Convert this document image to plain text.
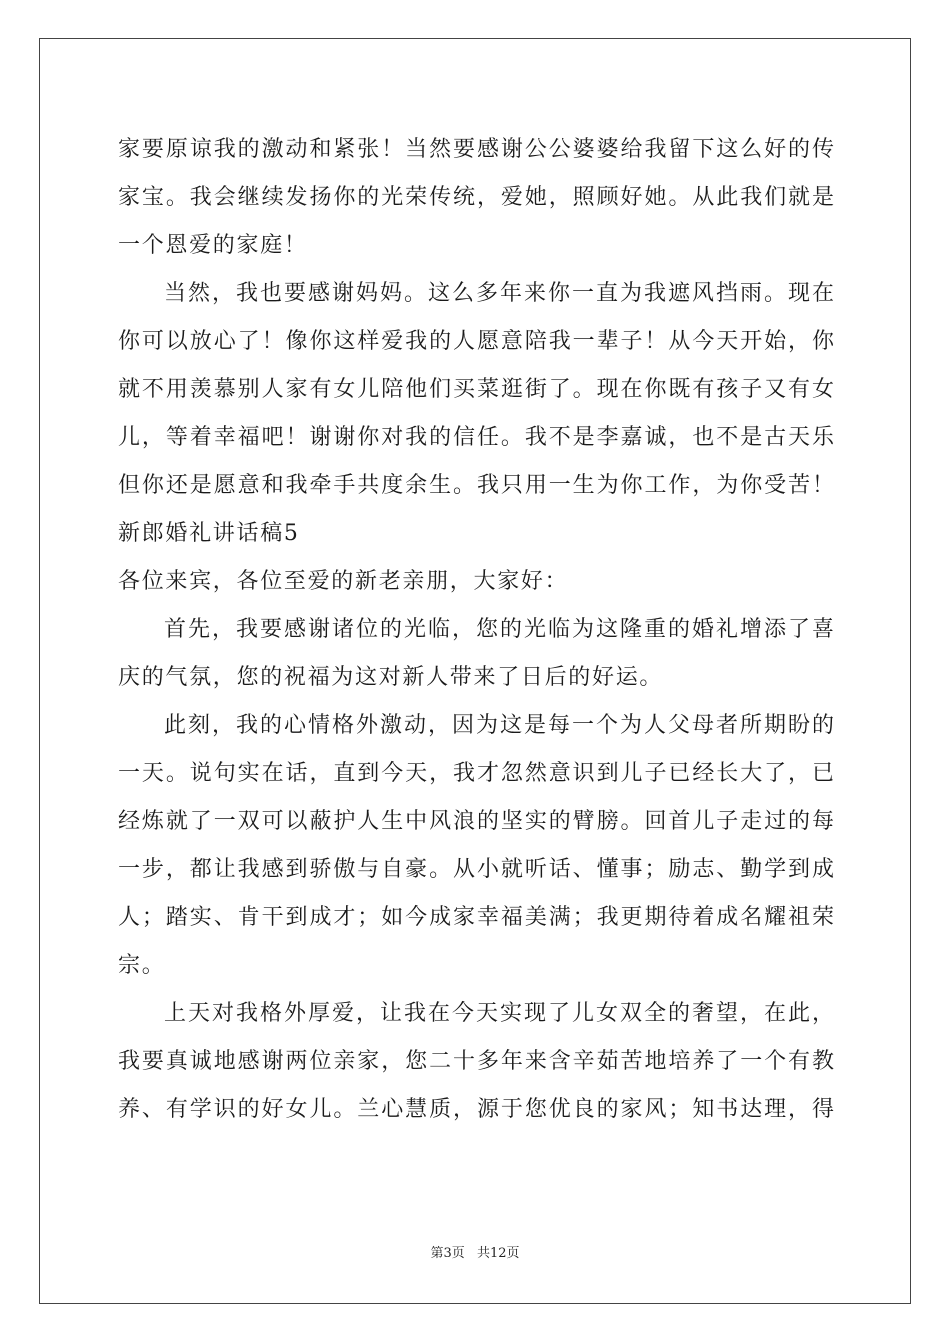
家要原谅我的激动和紧张！当然要感谢公公婆婆给我留下这么好的传
家宝。我会继续发扬你的光荣传统，爱她，照顾好她。从此我们就是
一个恩爱的家庭！
当然，我也要感谢妈妈。这么多年来你一直为我遮风挡雨。现在
你可以放心了！像你这样爱我的人愿意陪我一辈子！从今天开始，你
就不用羡慕别人家有女儿陪他们买菜逛街了。现在你既有孩子又有女
儿，等着幸福吧！谢谢你对我的信任。我不是李嘉诚，也不是古天乐
但你还是愿意和我牵手共度余生。我只用一生为你工作，为你受苦！
新郎婚礼讲话稿5
各位来宾，各位至爱的新老亲朋，大家好：
首先，我要感谢诸位的光临，您的光临为这隆重的婚礼增添了喜
庆的气氛，您的祝福为这对新人带来了日后的好运。
此刻，我的心情格外激动，因为这是每一个为人父母者所期盼的
一天。说句实在话，直到今天，我才忽然意识到儿子已经长大了，已
经炼就了一双可以蔽护人生中风浪的坚实的臂膀。回首儿子走过的每
一步，都让我感到骄傲与自豪。从小就听话、懂事；励志、勤学到成
人；踏实、肯干到成才；如今成家幸福美满；我更期待着成名耀祖荣
宗。
上天对我格外厚爱，让我在今天实现了儿女双全的奢望，在此，
我要真诚地感谢两位亲家，您二十多年来含辛茹苦地培养了一个有教
养、有学识的好女儿。兰心慧质，源于您优良的家风；知书达理，得
第3页 共12页
